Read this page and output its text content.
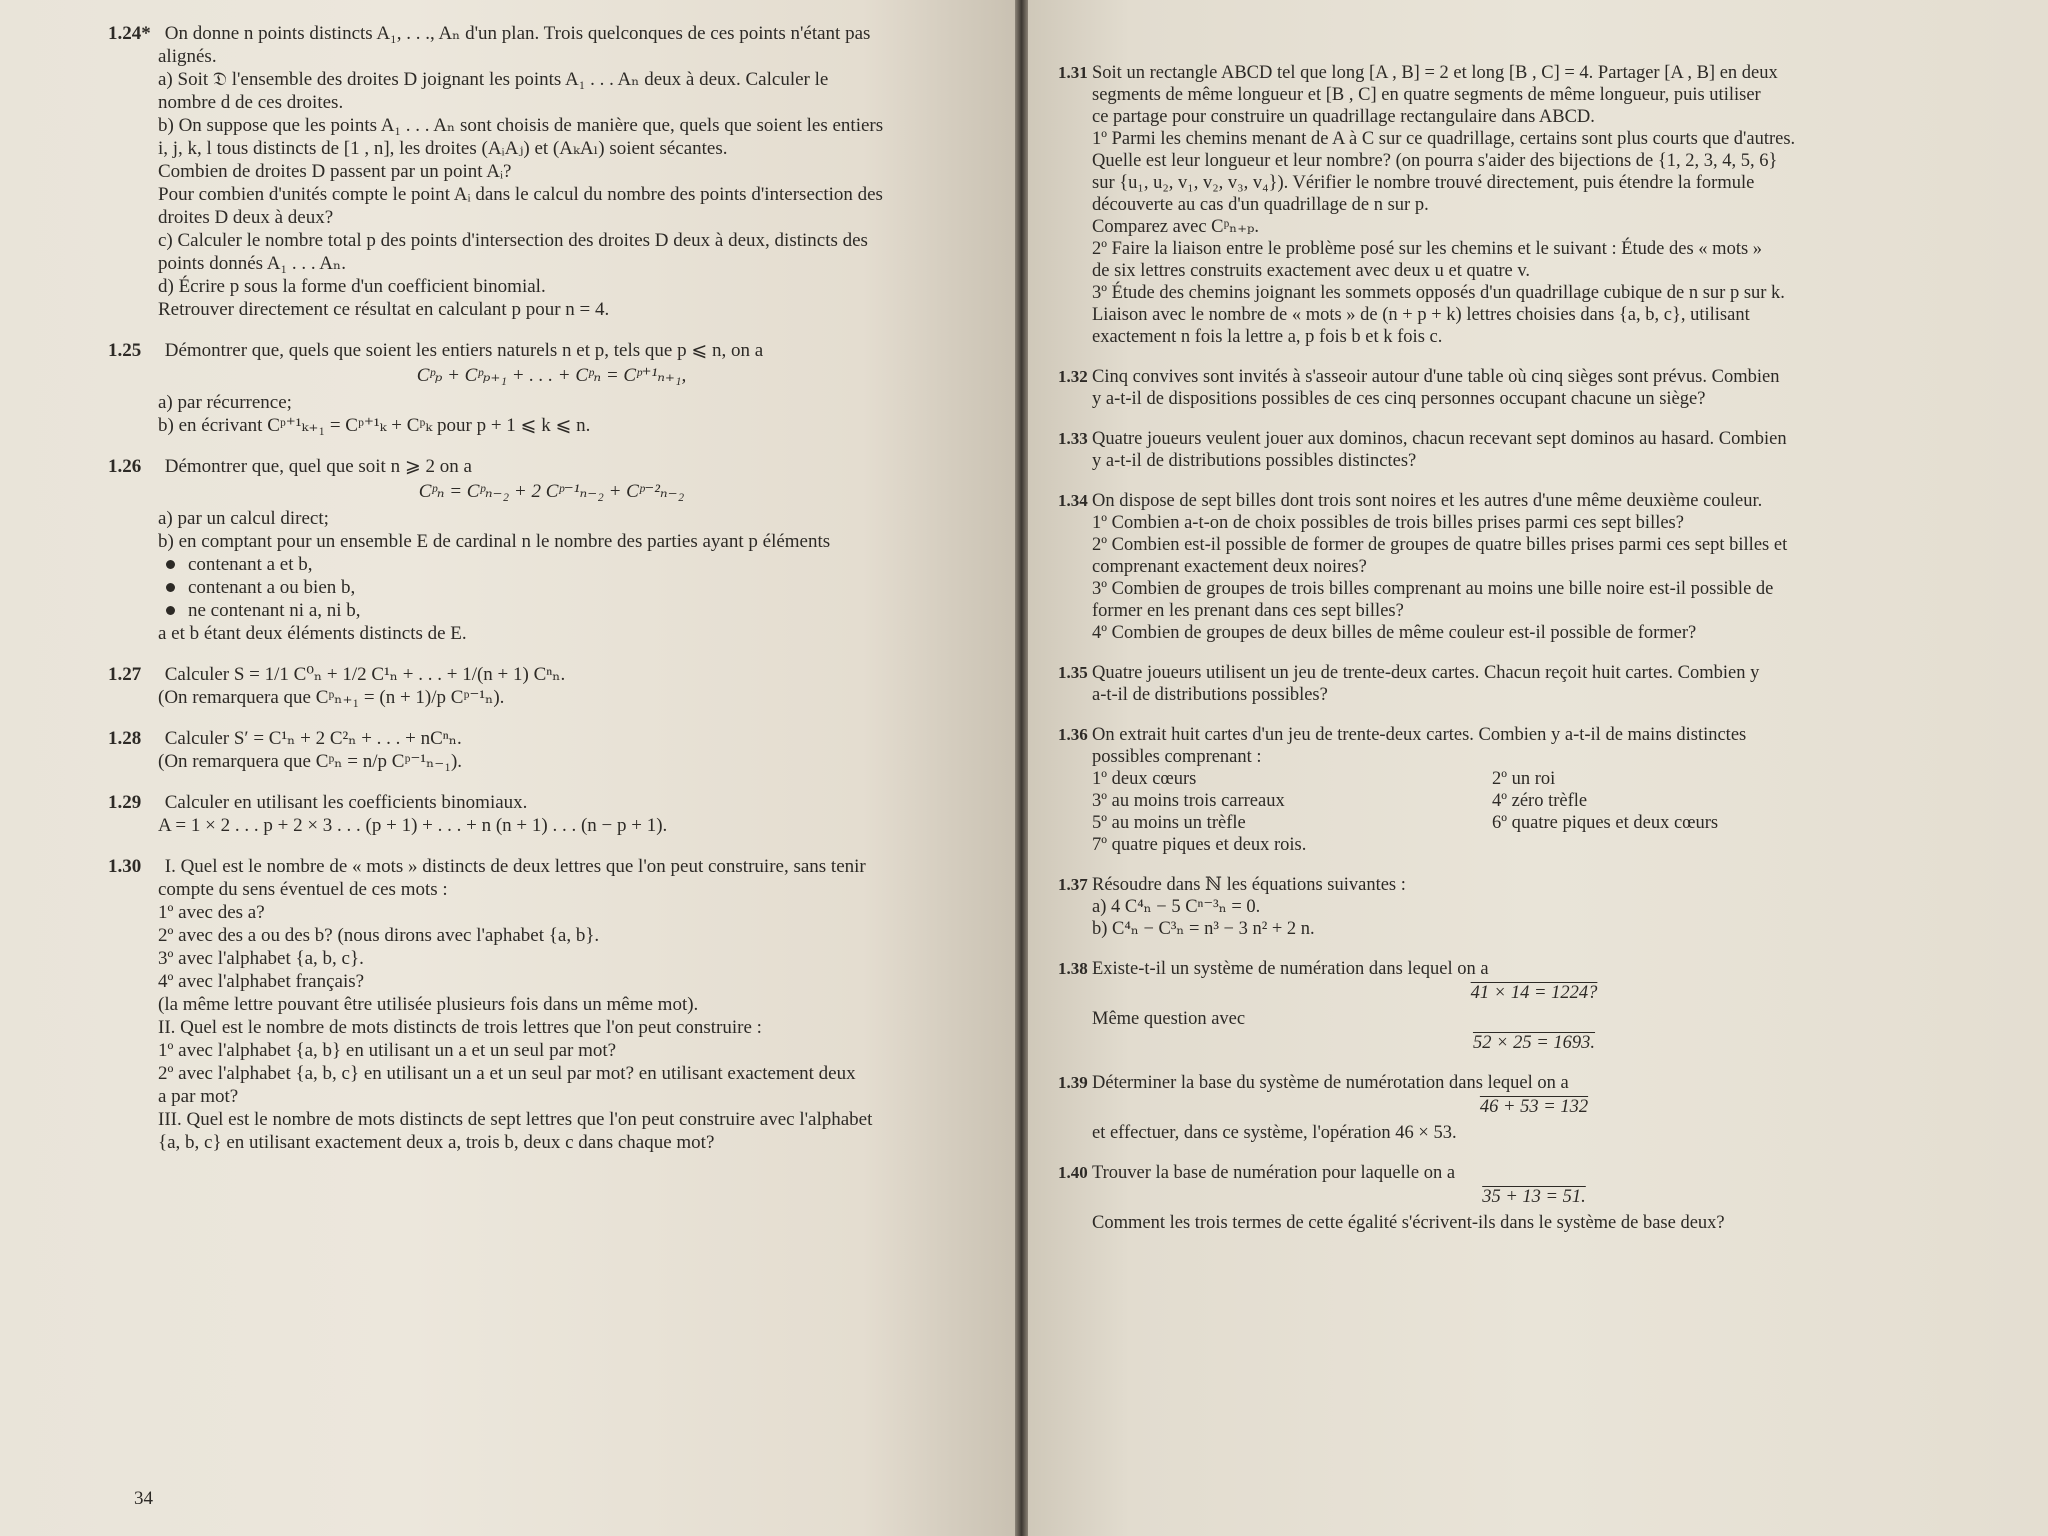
1.24* On donne n points distincts A₁, . . ., Aₙ d'un plan. Trois quelconques de ces points n'étant pas
alignés.
a) Soit 𝔇 l'ensemble des droites D joignant les points A₁ . . . Aₙ deux à deux. Calculer le
nombre d de ces droites.
b) On suppose que les points A₁ . . . Aₙ sont choisis de manière que, quels que soient les entiers
i, j, k, l tous distincts de [1 , n], les droites (AᵢAⱼ) et (AₖAₗ) soient sécantes.
Combien de droites D passent par un point Aᵢ?
Pour combien d'unités compte le point Aᵢ dans le calcul du nombre des points d'intersection des
droites D deux à deux?
c) Calculer le nombre total p des points d'intersection des droites D deux à deux, distincts des
points donnés A₁ . . . Aₙ.
d) Écrire p sous la forme d'un coefficient binomial.
Retrouver directement ce résultat en calculant p pour n = 4.
1.25 Démontrer que, quels que soient les entiers naturels n et p, tels que p ⩽ n, on a
Cᵖₚ + Cᵖₚ₊₁ + . . . + Cᵖₙ = Cᵖ⁺¹ₙ₊₁,
a) par récurrence;
b) en écrivant Cᵖ⁺¹ₖ₊₁ = Cᵖ⁺¹ₖ + Cᵖₖ pour p + 1 ⩽ k ⩽ n.
1.26 Démontrer que, quel que soit n ⩾ 2 on a
Cᵖₙ = Cᵖₙ₋₂ + 2 Cᵖ⁻¹ₙ₋₂ + Cᵖ⁻²ₙ₋₂
a) par un calcul direct;
b) en comptant pour un ensemble E de cardinal n le nombre des parties ayant p éléments
contenant a et b,
contenant a ou bien b,
ne contenant ni a, ni b,
a et b étant deux éléments distincts de E.
1.27 Calculer S = 1/1 C⁰ₙ + 1/2 C¹ₙ + . . . + 1/(n + 1) Cⁿₙ.
(On remarquera que Cᵖₙ₊₁ = (n + 1)/p Cᵖ⁻¹ₙ).
1.28 Calculer S′ = C¹ₙ + 2 C²ₙ + . . . + nCⁿₙ.
(On remarquera que Cᵖₙ = n/p Cᵖ⁻¹ₙ₋₁).
1.29 Calculer en utilisant les coefficients binomiaux.
A = 1 × 2 . . . p + 2 × 3 . . . (p + 1) + . . . + n (n + 1) . . . (n − p + 1).
1.30 I. Quel est le nombre de « mots » distincts de deux lettres que l'on peut construire, sans tenir
compte du sens éventuel de ces mots :
1º avec des a?
2º avec des a ou des b? (nous dirons avec l'aphabet {a, b}.
3º avec l'alphabet {a, b, c}.
4º avec l'alphabet français?
(la même lettre pouvant être utilisée plusieurs fois dans un même mot).
II. Quel est le nombre de mots distincts de trois lettres que l'on peut construire :
1º avec l'alphabet {a, b} en utilisant un a et un seul par mot?
2º avec l'alphabet {a, b, c} en utilisant un a et un seul par mot? en utilisant exactement deux
a par mot?
III. Quel est le nombre de mots distincts de sept lettres que l'on peut construire avec l'alphabet
{a, b, c} en utilisant exactement deux a, trois b, deux c dans chaque mot?
34
1.31 Soit un rectangle ABCD tel que long [A , B] = 2 et long [B , C] = 4. Partager [A , B] en deux
segments de même longueur et [B , C] en quatre segments de même longueur, puis utiliser
ce partage pour construire un quadrillage rectangulaire dans ABCD.
1º Parmi les chemins menant de A à C sur ce quadrillage, certains sont plus courts que d'autres.
Quelle est leur longueur et leur nombre? (on pourra s'aider des bijections de {1, 2, 3, 4, 5, 6}
sur {u₁, u₂, v₁, v₂, v₃, v₄}). Vérifier le nombre trouvé directement, puis étendre la formule
découverte au cas d'un quadrillage de n sur p.
Comparez avec Cᵖₙ₊ₚ.
2º Faire la liaison entre le problème posé sur les chemins et le suivant : Étude des « mots »
de six lettres construits exactement avec deux u et quatre v.
3º Étude des chemins joignant les sommets opposés d'un quadrillage cubique de n sur p sur k.
Liaison avec le nombre de « mots » de (n + p + k) lettres choisies dans {a, b, c}, utilisant
exactement n fois la lettre a, p fois b et k fois c.
1.32 Cinq convives sont invités à s'asseoir autour d'une table où cinq sièges sont prévus. Combien
y a-t-il de dispositions possibles de ces cinq personnes occupant chacune un siège?
1.33 Quatre joueurs veulent jouer aux dominos, chacun recevant sept dominos au hasard. Combien
y a-t-il de distributions possibles distinctes?
1.34 On dispose de sept billes dont trois sont noires et les autres d'une même deuxième couleur.
1º Combien a-t-on de choix possibles de trois billes prises parmi ces sept billes?
2º Combien est-il possible de former de groupes de quatre billes prises parmi ces sept billes et
comprenant exactement deux noires?
3º Combien de groupes de trois billes comprenant au moins une bille noire est-il possible de
former en les prenant dans ces sept billes?
4º Combien de groupes de deux billes de même couleur est-il possible de former?
1.35 Quatre joueurs utilisent un jeu de trente-deux cartes. Chacun reçoit huit cartes. Combien y
a-t-il de distributions possibles?
1.36 On extrait huit cartes d'un jeu de trente-deux cartes. Combien y a-t-il de mains distinctes
possibles comprenant :
1º deux cœurs
3º au moins trois carreaux
5º au moins un trèfle
7º quatre piques et deux rois.
2º un roi
4º zéro trèfle
6º quatre piques et deux cœurs
1.37 Résoudre dans ℕ les équations suivantes :
a) 4 C⁴ₙ − 5 Cⁿ⁻³ₙ = 0.
b) C⁴ₙ − C³ₙ = n³ − 3 n² + 2 n.
1.38 Existe-t-il un système de numération dans lequel on a
41 × 14 = 1224?
Même question avec
52 × 25 = 1693.
1.39 Déterminer la base du système de numérotation dans lequel on a
46 + 53 = 132
et effectuer, dans ce système, l'opération 46 × 53.
1.40 Trouver la base de numération pour laquelle on a
35 + 13 = 51.
Comment les trois termes de cette égalité s'écrivent-ils dans le système de base deux?
